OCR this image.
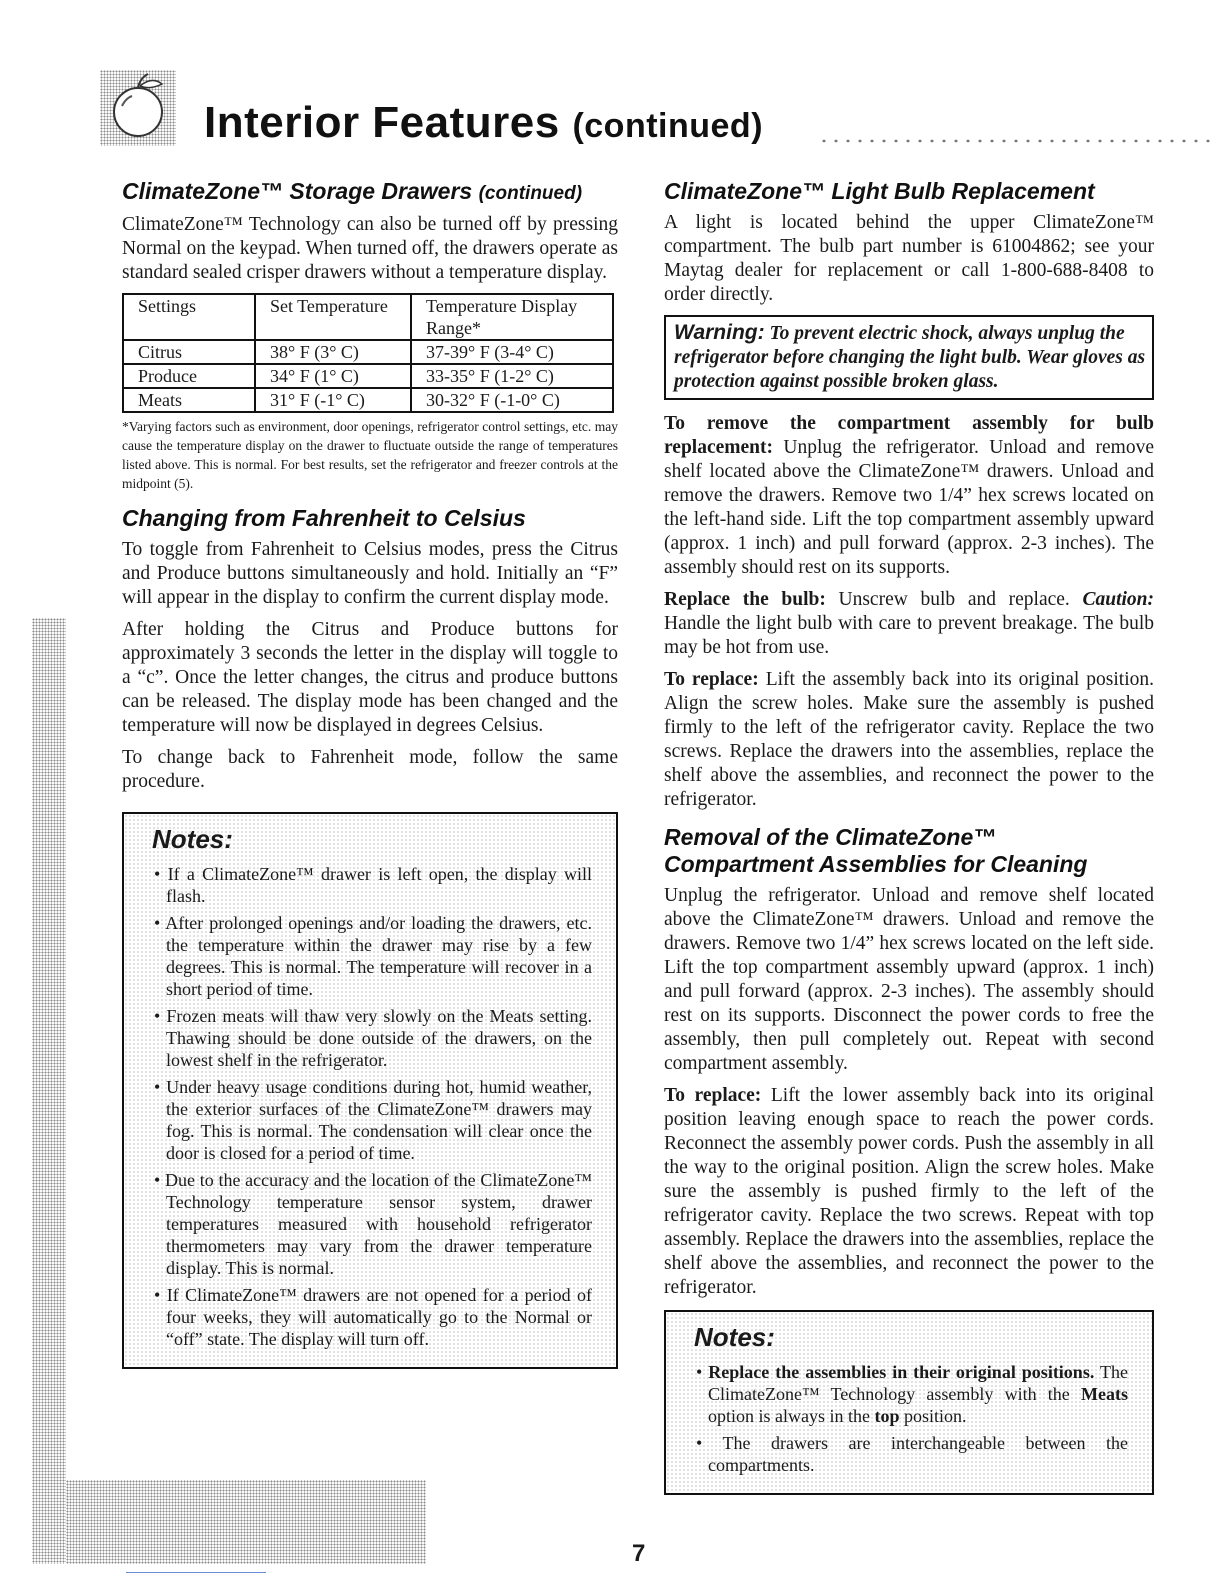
Interior Features (continued)
ClimateZone™ Storage Drawers (continued)

ClimateZone™ Technology can also be turned off by pressing Normal on the keypad. When turned off, the drawers operate as standard sealed crisper drawers without a temperature display.

Settings	Set Temperature	Temperature Display Range*
Citrus	38° F (3° C)	37-39° F (3-4° C)
Produce	34° F (1° C)	33-35° F (1-2° C)
Meats	31° F (-1° C)	30-32° F (-1-0° C)

*Varying factors such as environment, door openings, refrigerator control settings, etc. may cause the temperature display on the drawer to fluctuate outside the range of temperatures listed above. This is normal. For best results, set the refrigerator and freezer controls at the midpoint (5).

Changing from Fahrenheit to Celsius

To toggle from Fahrenheit to Celsius modes, press the Citrus and Produce buttons simultaneously and hold. Initially an “F” will appear in the display to confirm the current display mode.

After holding the Citrus and Produce buttons for approximately 3 seconds the letter in the display will toggle to a “c”. Once the letter changes, the citrus and produce buttons can be released. The display mode has been changed and the temperature will now be displayed in degrees Celsius.

To change back to Fahrenheit mode, follow the same procedure.

Notes:
• If a ClimateZone™ drawer is left open, the display will flash.
• After prolonged openings and/or loading the drawers, etc. the temperature within the drawer may rise by a few degrees. This is normal. The temperature will recover in a short period of time.
• Frozen meats will thaw very slowly on the Meats setting. Thawing should be done outside of the drawers, on the lowest shelf in the refrigerator.
• Under heavy usage conditions during hot, humid weather, the exterior surfaces of the ClimateZone™ drawers may fog. This is normal. The condensation will clear once the door is closed for a period of time.
• Due to the accuracy and the location of the ClimateZone™ Technology temperature sensor system, drawer temperatures measured with household refrigerator thermometers may vary from the drawer temperature display. This is normal.
• If ClimateZone™ drawers are not opened for a period of four weeks, they will automatically go to the Normal or “off” state. The display will turn off.
ClimateZone™ Light Bulb Replacement

A light is located behind the upper ClimateZone™ compartment. The bulb part number is 61004862; see your Maytag dealer for replacement or call 1-800-688-8408 to order directly.

Warning: To prevent electric shock, always unplug the refrigerator before changing the light bulb. Wear gloves as protection against possible broken glass.

To remove the compartment assembly for bulb replacement: Unplug the refrigerator. Unload and remove shelf located above the ClimateZone™ drawers. Unload and remove the drawers. Remove two 1/4” hex screws located on the left-hand side. Lift the top compartment assembly upward (approx. 1 inch) and pull forward (approx. 2-3 inches). The assembly should rest on its supports.

Replace the bulb: Unscrew bulb and replace. Caution: Handle the light bulb with care to prevent breakage. The bulb may be hot from use.

To replace: Lift the assembly back into its original position. Align the screw holes. Make sure the assembly is pushed firmly to the left of the refrigerator cavity. Replace the two screws. Replace the drawers into the assemblies, replace the shelf above the assemblies, and reconnect the power to the refrigerator.

Removal of the ClimateZone™
Compartment Assemblies for Cleaning

Unplug the refrigerator. Unload and remove shelf located above the ClimateZone™ drawers. Unload and remove the drawers. Remove two 1/4” hex screws located on the left side. Lift the top compartment assembly upward (approx. 1 inch) and pull forward (approx. 2-3 inches). The assembly should rest on its supports. Disconnect the power cords to free the assembly, then pull completely out. Repeat with second compartment assembly.

To replace: Lift the lower assembly back into its original position leaving enough space to reach the power cords. Reconnect the assembly power cords. Push the assembly in all the way to the original position. Align the screw holes. Make sure the assembly is pushed firmly to the left of the refrigerator cavity. Replace the two screws. Repeat with top assembly. Replace the drawers into the assemblies, replace the shelf above the assemblies, and reconnect the power to the refrigerator.

Notes:
• Replace the assemblies in their original positions. The ClimateZone™ Technology assembly with the Meats option is always in the top position.
• The drawers are interchangeable between the compartments.
7
